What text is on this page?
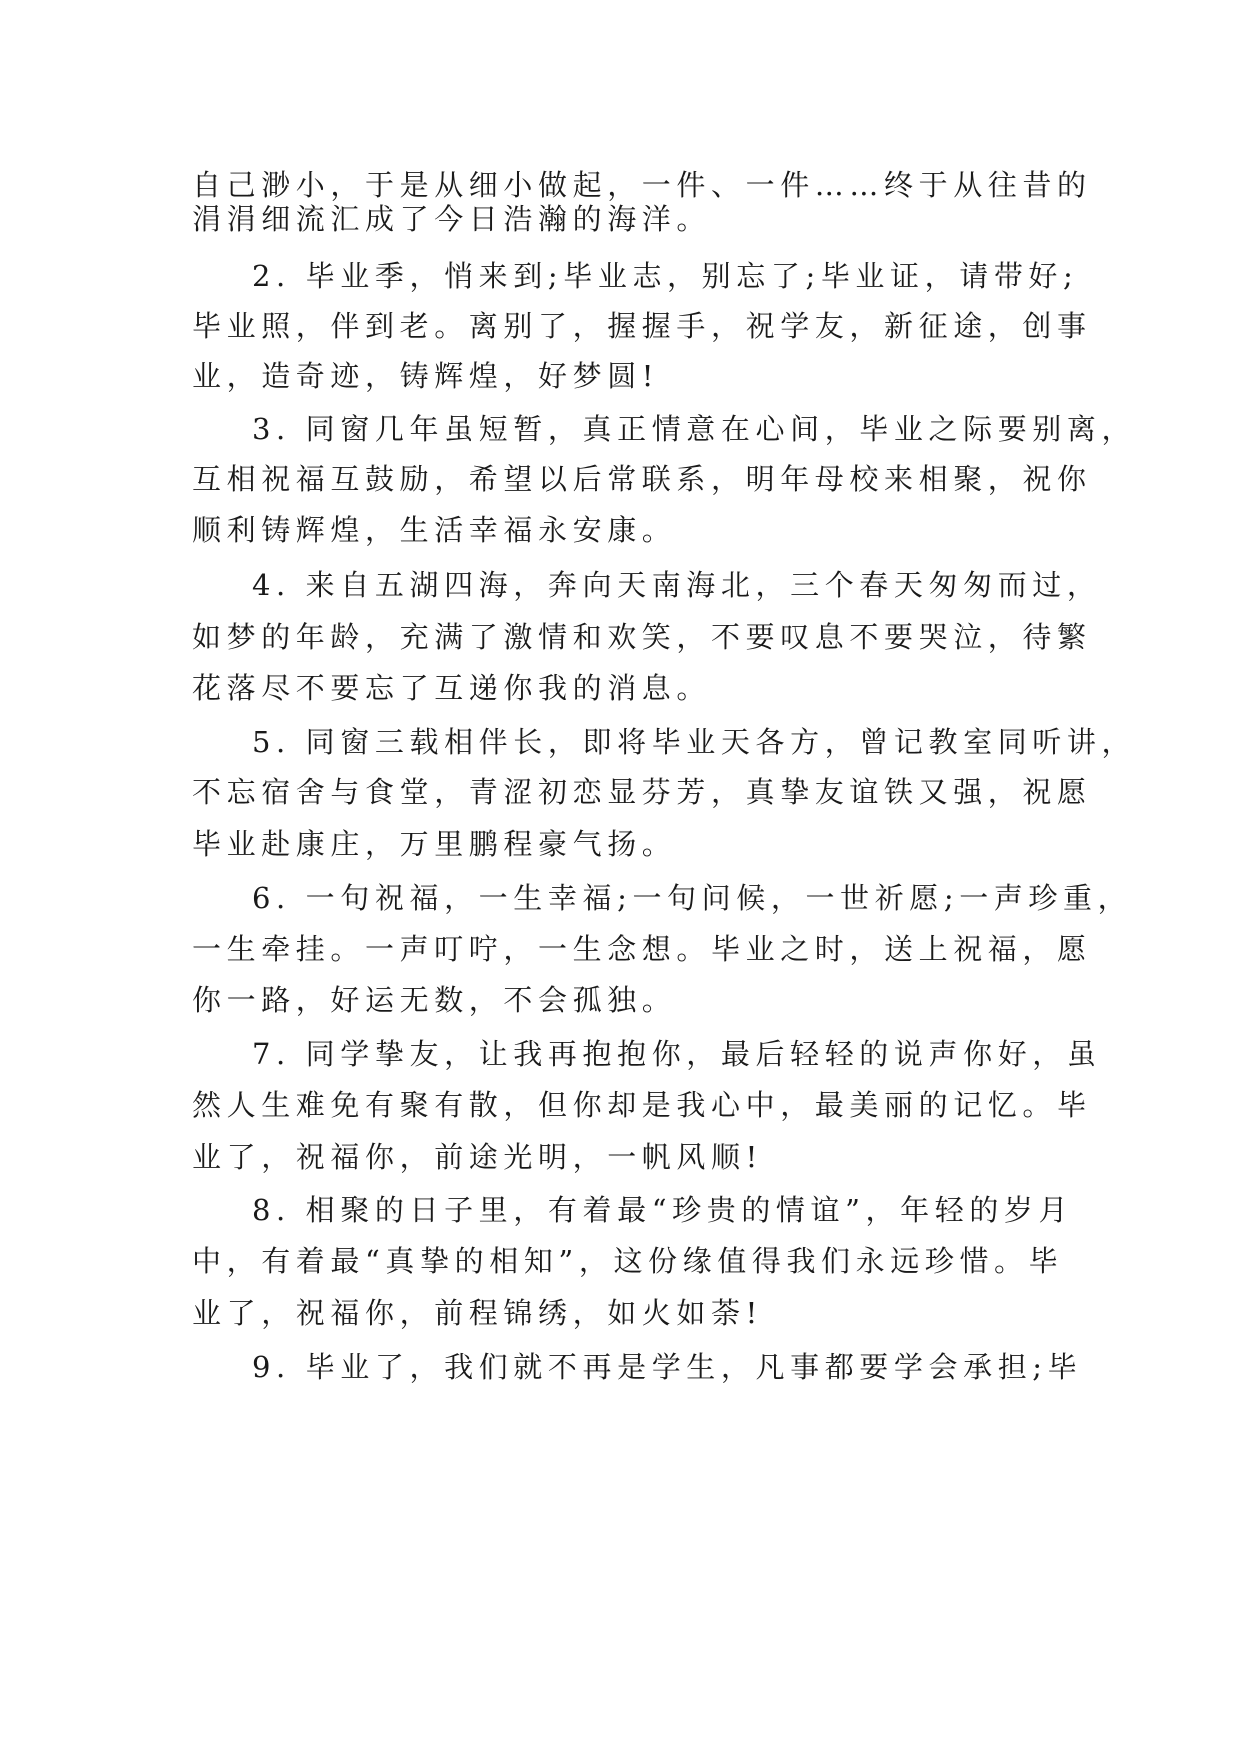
自己渺小，于是从细小做起，一件、一件……终于从往昔的
涓涓细流汇成了今日浩瀚的海洋。
2. 毕业季，悄来到;毕业志，别忘了;毕业证，请带好;
毕业照，伴到老。离别了，握握手，祝学友，新征途，创事
业，造奇迹，铸辉煌，好梦圆!
3. 同窗几年虽短暂，真正情意在心间，毕业之际要别离，
互相祝福互鼓励，希望以后常联系，明年母校来相聚，祝你
顺利铸辉煌，生活幸福永安康。
4. 来自五湖四海，奔向天南海北，三个春天匆匆而过，
如梦的年龄，充满了激情和欢笑，不要叹息不要哭泣，待繁
花落尽不要忘了互递你我的消息。
5. 同窗三载相伴长，即将毕业天各方，曾记教室同听讲，
不忘宿舍与食堂，青涩初恋显芬芳，真挚友谊铁又强，祝愿
毕业赴康庄，万里鹏程豪气扬。
6. 一句祝福，一生幸福;一句问候，一世祈愿;一声珍重，
一生牵挂。一声叮咛，一生念想。毕业之时，送上祝福，愿
你一路，好运无数，不会孤独。
7. 同学挚友，让我再抱抱你，最后轻轻的说声你好，虽
然人生难免有聚有散，但你却是我心中，最美丽的记忆。毕
业了，祝福你，前途光明，一帆风顺!
8. 相聚的日子里，有着最“珍贵的情谊”，年轻的岁月
中，有着最“真挚的相知”，这份缘值得我们永远珍惜。毕
业了，祝福你，前程锦绣，如火如荼!
9. 毕业了，我们就不再是学生，凡事都要学会承担;毕
